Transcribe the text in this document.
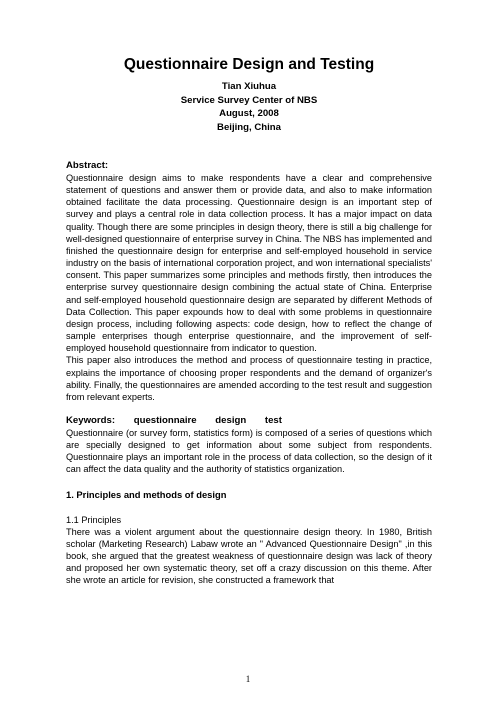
Questionnaire Design and Testing
Tian Xiuhua
Service Survey Center of NBS
August, 2008
Beijing, China
Abstract:

Questionnaire design aims to make respondents have a clear and comprehensive statement of questions and answer them or provide data, and also to make information obtained facilitate the data processing. Questionnaire design is an important step of survey and plays a central role in data collection process. It has a major impact on data quality. Though there are some principles in design theory, there is still a big challenge for well-designed questionnaire of enterprise survey in China. The NBS has implemented and finished the questionnaire design for enterprise and self-employed household in service industry on the basis of international corporation project, and won international specialists' consent. This paper summarizes some principles and methods firstly, then introduces the enterprise survey questionnaire design combining the actual state of China. Enterprise and self-employed household questionnaire design are separated by different Methods of Data Collection. This paper expounds how to deal with some problems in questionnaire design process, including following aspects: code design, how to reflect the change of sample enterprises though enterprise questionnaire, and the improvement of self-employed household questionnaire from indicator to question.

This paper also introduces the method and process of questionnaire testing in practice, explains the importance of choosing proper respondents and the demand of organizer's ability. Finally, the questionnaires are amended according to the test result and suggestion from relevant experts.

Keywords: questionnaire design test

Questionnaire (or survey form, statistics form) is composed of a series of questions which are specially designed to get information about some subject from respondents. Questionnaire plays an important role in the process of data collection, so the design of it can affect the data quality and the authority of statistics organization.

1. Principles and methods of design
1.1 Principles

There was a violent argument about the questionnaire design theory. In 1980, British scholar (Marketing Research) Labaw wrote an " Advanced Questionnaire Design" ,in this book, she argued that the greatest weakness of questionnaire design was lack of theory and proposed her own systematic theory, set off a crazy discussion on this theme. After she wrote an article for revision, she constructed a framework that

1
